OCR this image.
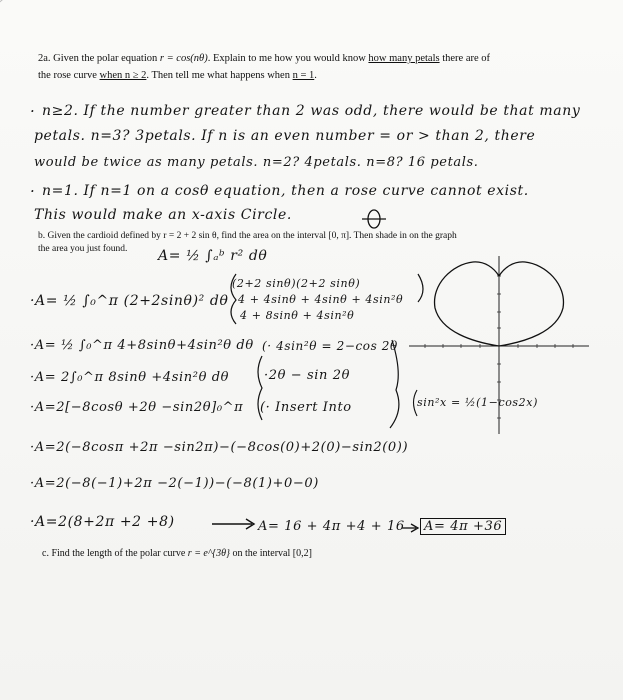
2a. Given the polar equation r = cos(nθ). Explain to me how you would know how many petals there are of
the rose curve when n ≥ 2. Then tell me what happens when n = 1.
· n≥2. If the number greater than 2 was odd, there would be that many
petals. n=3? 3petals. If n is an even number = or > than 2, there
would be twice as many petals. n=2? 4petals. n=8? 16 petals.
· n=1. If n=1 on a cosθ equation, then a rose curve cannot exist.
This would make an x-axis Circle.
b. Given the cardioid defined by r = 2 + 2 sin θ, find the area on the interval [0, π]. Then shade in on the graph
the area you just found.	A= ½ ∫ₐᵇ r² dθ
·A= ½ ∫₀^π (2+2sinθ)² dθ
(2+2 sinθ)(2+2 sinθ)
4 + 4sinθ + 4sinθ + 4sin²θ
4 + 8sinθ + 4sin²θ
·A= ½ ∫₀^π 4+8sinθ+4sin²θ dθ (· 4sin²θ = 2−cos 2θ
·A= 2∫₀^π 8sinθ +4sin²θ dθ	·2θ − sin 2θ
sin²x = ½(1−cos2x)
·A=2[−8cosθ +2θ −sin2θ]₀^π (· Insert Into
·A=2(−8cosπ +2π −sin2π)−(−8cos(0)+2(0)−sin2(0))
·A=2(−8(−1)+2π −2(−1))−(−8(1)+0−0)
·A=2(8+2π +2 +8)	A= 16 + 4π +4 + 16	A= 4π +36
c. Find the length of the polar curve r = e^{3θ} on the interval [0,2]
